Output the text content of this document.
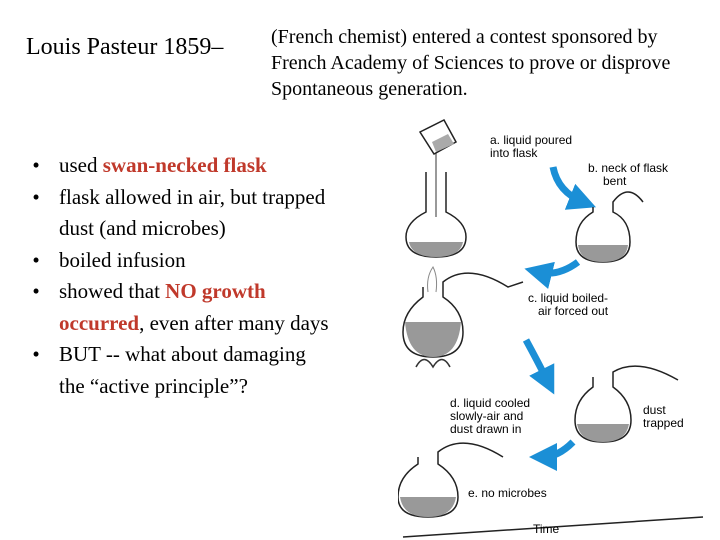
Louis Pasteur 1859– (French chemist) entered a contest sponsored by French Academy of Sciences to prove or disprove Spontaneous generation.
• used swan-necked flask
• flask allowed in air, but trapped dust (and microbes)
• boiled infusion
• showed that NO growth occurred, even after many days
• BUT -- what about damaging the “active principle”?
a. liquid poured
into flask
b. neck of flask
bent
c. liquid boiled-
air forced out
d. liquid cooled
slowly-air and
dust drawn in
dust
trapped
e. no microbes
Time
